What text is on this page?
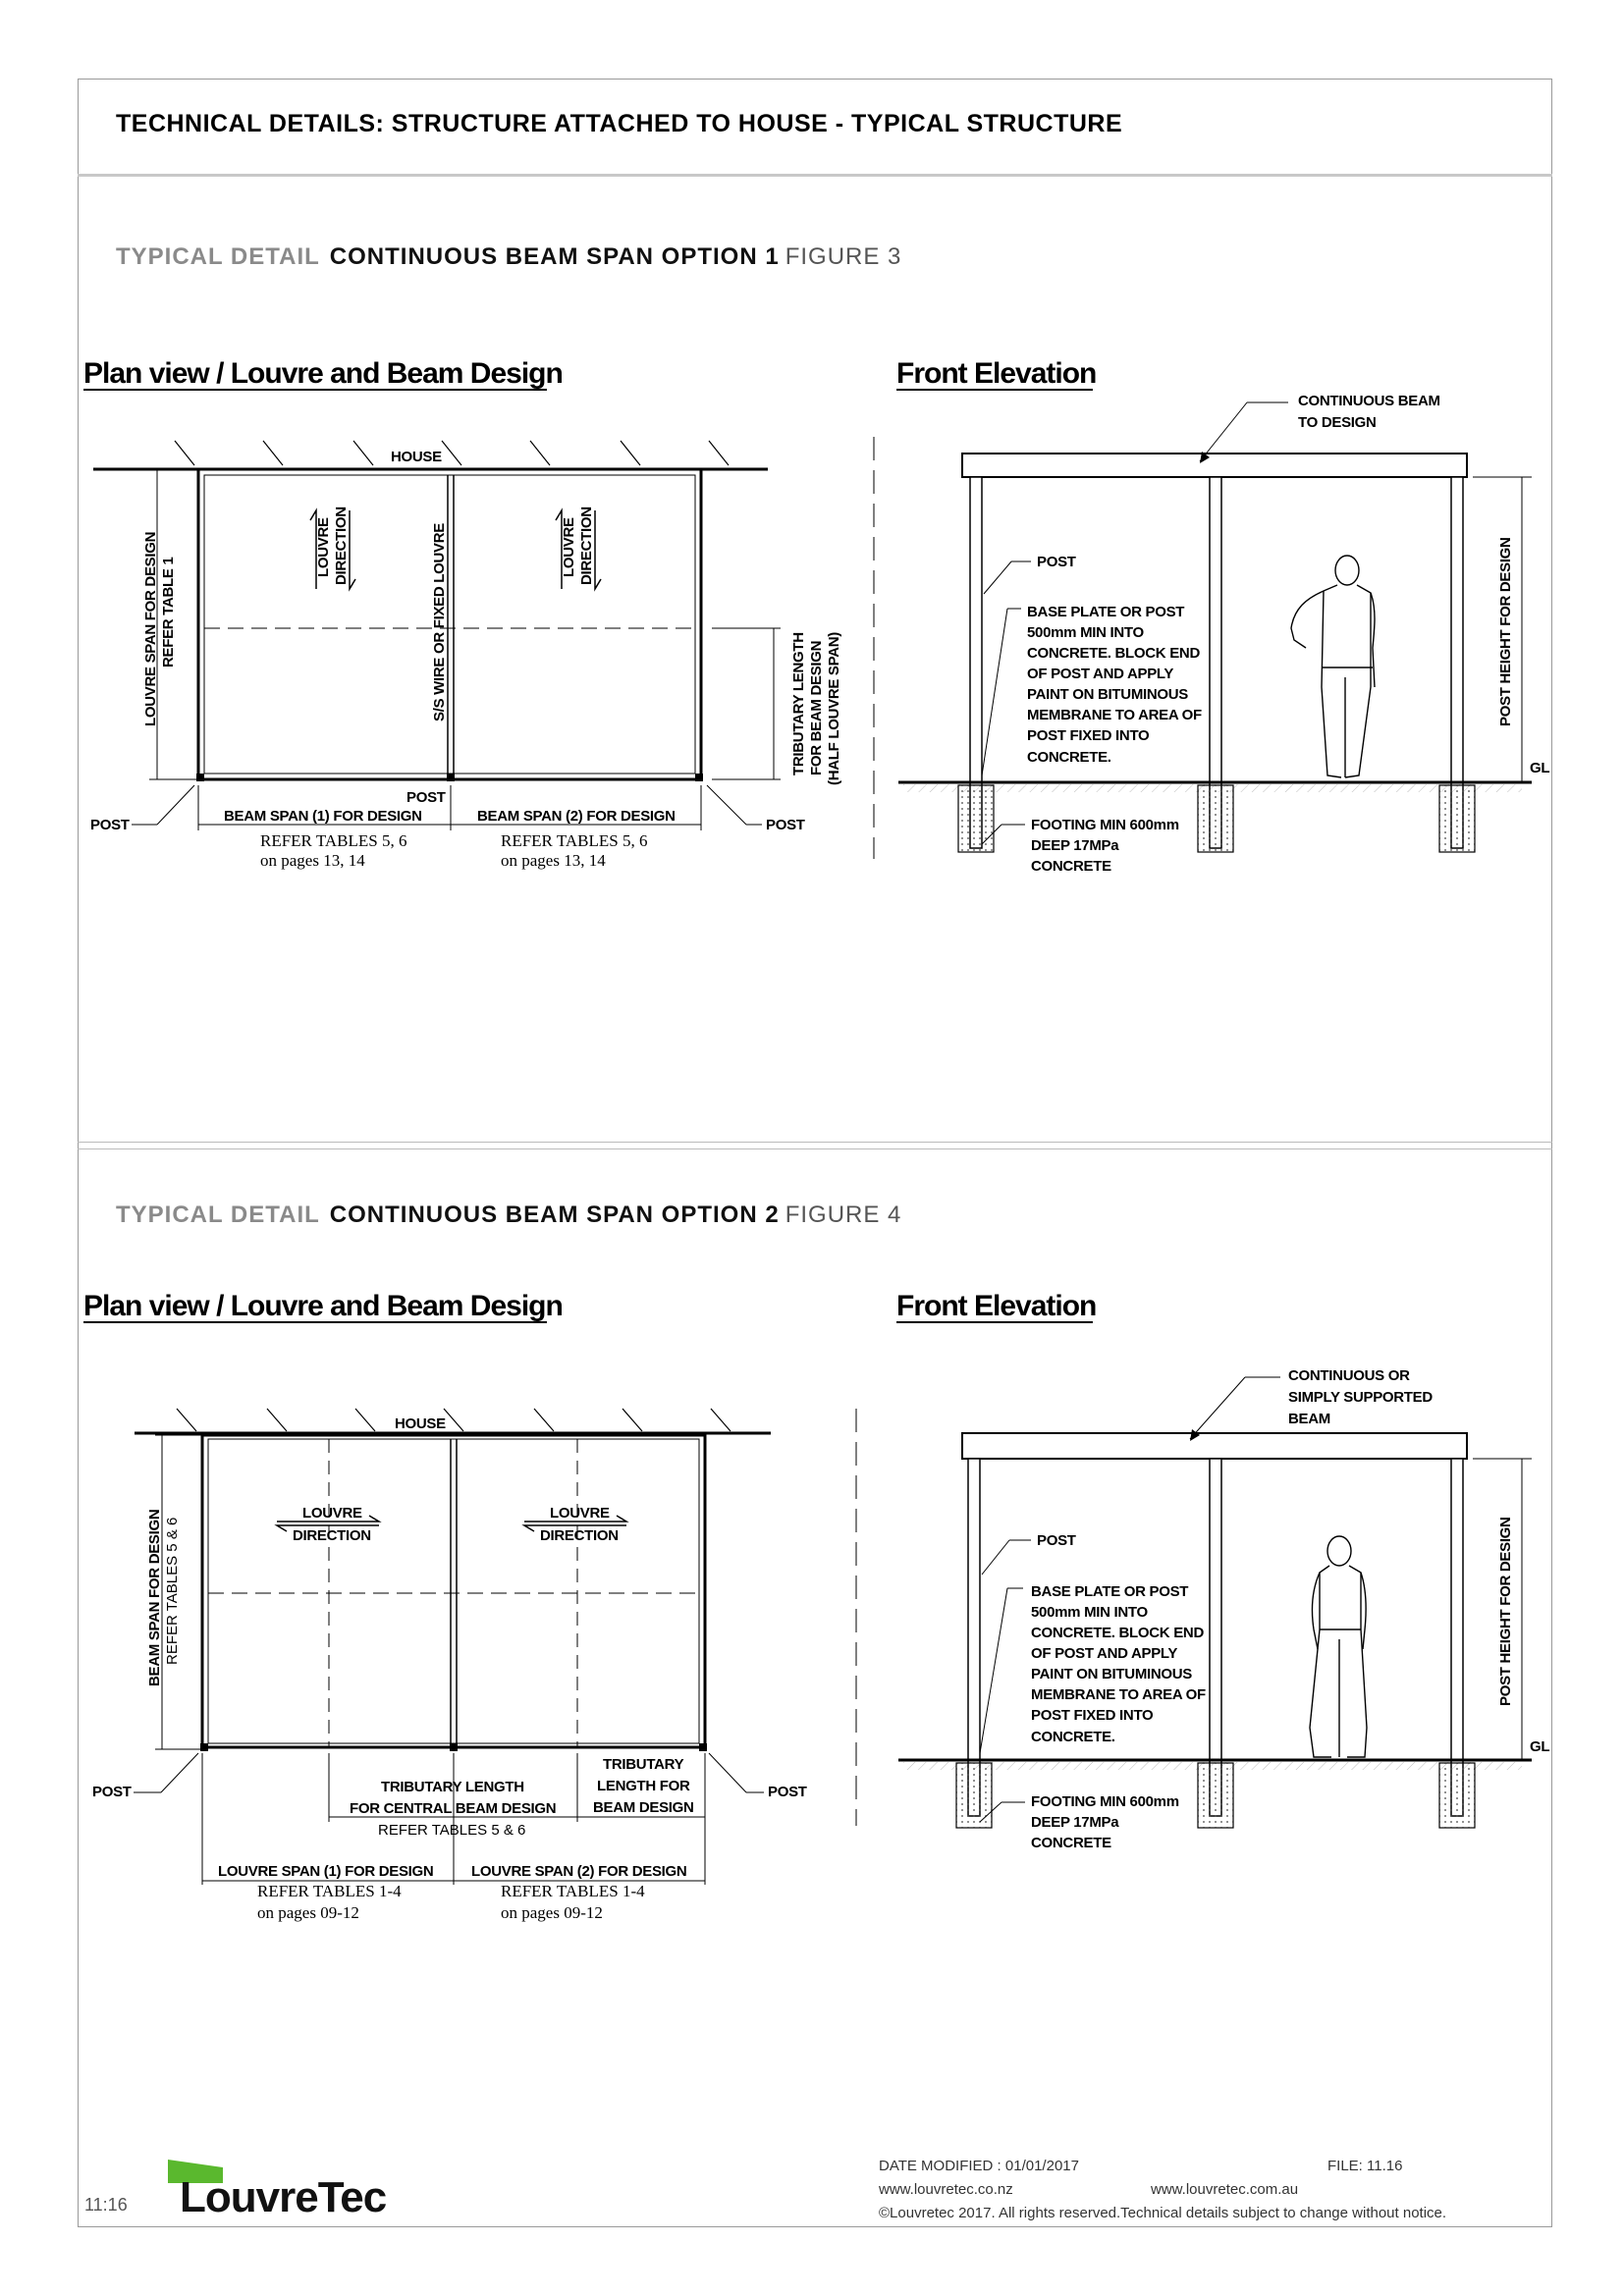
TECHNICAL DETAILS: STRUCTURE ATTACHED TO HOUSE - TYPICAL STRUCTURE
TYPICAL DETAIL CONTINUOUS BEAM SPAN OPTION 1 FIGURE 3
TYPICAL DETAIL CONTINUOUS BEAM SPAN OPTION 2 FIGURE 4
Plan view / Louvre and Beam Design
HOUSE
LOUVRE DIRECTION	LOUVRE DIRECTION
S/S WIRE OR FIXED LOUVRE
LOUVRE SPAN FOR DESIGN REFER TABLE 1
TRIBUTARY LENGTH FOR BEAM DESIGN (HALF LOUVRE SPAN)
POST
POST
POST
BEAM SPAN (1) FOR DESIGN	BEAM SPAN (2) FOR DESIGN
REFER TABLES 5, 6
on pages 13, 14
REFER TABLES 5, 6
on pages 13, 14
Front Elevation
POST HEIGHT FOR DESIGN
GL
CONTINUOUS BEAM
TO DESIGN
POST
BASE PLATE OR POST
500mm MIN INTO
CONCRETE. BLOCK END
OF POST AND APPLY
PAINT ON BITUMINOUS
MEMBRANE TO AREA OF
POST FIXED INTO
CONCRETE.
FOOTING MIN 600mm
DEEP 17MPa
CONCRETE
Plan view / Louvre and Beam Design
HOUSE
LOUVRE
DIRECTION
LOUVRE
DIRECTION
BEAM SPAN FOR DESIGN REFER TABLES 5 & 6
POST	POST
TRIBUTARY LENGTH
FOR CENTRAL BEAM DESIGN
REFER TABLES 5 & 6
TRIBUTARY
LENGTH FOR
BEAM DESIGN
LOUVRE SPAN (1) FOR DESIGN	LOUVRE SPAN (2) FOR DESIGN
REFER TABLES 1-4
on pages 09-12
REFER TABLES 1-4
on pages 09-12
Front Elevation
POST HEIGHT FOR DESIGN
GL
CONTINUOUS OR
SIMPLY SUPPORTED
BEAM
POST
BASE PLATE OR POST
500mm MIN INTO
CONCRETE. BLOCK END
OF POST AND APPLY
PAINT ON BITUMINOUS
MEMBRANE TO AREA OF
POST FIXED INTO
CONCRETE.
FOOTING MIN 600mm
DEEP 17MPa
CONCRETE
11:16 LouvreTec
DATE MODIFIED : 01/01/2017	FILE: 11.16
www.louvretec.co.nz	www.louvretec.com.au
©Louvretec 2017. All rights reserved.Technical details subject to change without notice.
